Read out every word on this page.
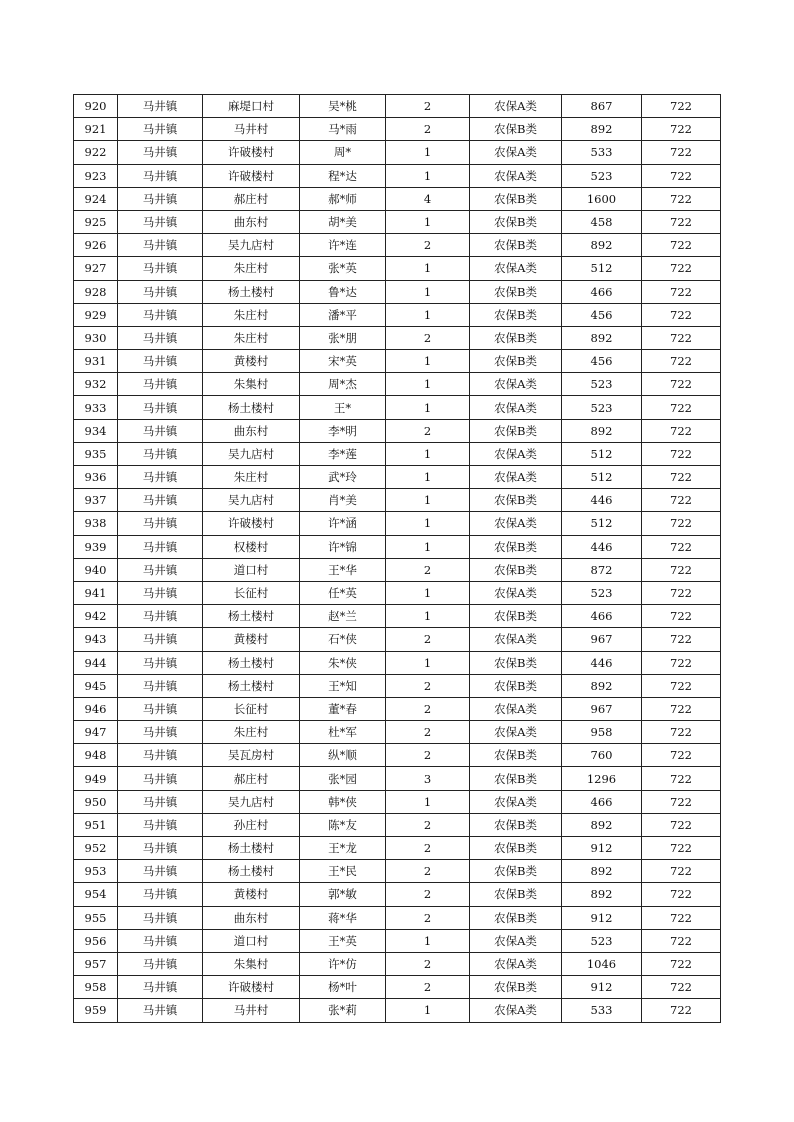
920	马井镇	麻堤口村	吴*桃	2	农保A类	867	722
921	马井镇	马井村	马*雨	2	农保B类	892	722
922	马井镇	许破楼村	周*	1	农保A类	533	722
923	马井镇	许破楼村	程*达	1	农保A类	523	722
924	马井镇	郝庄村	郝*师	4	农保B类	1600	722
925	马井镇	曲东村	胡*美	1	农保B类	458	722
926	马井镇	吴九店村	许*连	2	农保B类	892	722
927	马井镇	朱庄村	张*英	1	农保A类	512	722
928	马井镇	杨土楼村	鲁*达	1	农保B类	466	722
929	马井镇	朱庄村	潘*平	1	农保B类	456	722
930	马井镇	朱庄村	张*朋	2	农保B类	892	722
931	马井镇	黄楼村	宋*英	1	农保B类	456	722
932	马井镇	朱集村	周*杰	1	农保A类	523	722
933	马井镇	杨土楼村	王*	1	农保A类	523	722
934	马井镇	曲东村	李*明	2	农保B类	892	722
935	马井镇	吴九店村	李*莲	1	农保A类	512	722
936	马井镇	朱庄村	武*玲	1	农保A类	512	722
937	马井镇	吴九店村	肖*美	1	农保B类	446	722
938	马井镇	许破楼村	许*涵	1	农保A类	512	722
939	马井镇	权楼村	许*锦	1	农保B类	446	722
940	马井镇	道口村	王*华	2	农保B类	872	722
941	马井镇	长征村	任*英	1	农保A类	523	722
942	马井镇	杨土楼村	赵*兰	1	农保B类	466	722
943	马井镇	黄楼村	石*侠	2	农保A类	967	722
944	马井镇	杨土楼村	朱*侠	1	农保B类	446	722
945	马井镇	杨土楼村	王*知	2	农保B类	892	722
946	马井镇	长征村	董*春	2	农保A类	967	722
947	马井镇	朱庄村	杜*军	2	农保A类	958	722
948	马井镇	吴瓦房村	纵*顺	2	农保B类	760	722
949	马井镇	郝庄村	张*园	3	农保B类	1296	722
950	马井镇	吴九店村	韩*侠	1	农保A类	466	722
951	马井镇	孙庄村	陈*友	2	农保B类	892	722
952	马井镇	杨土楼村	王*龙	2	农保B类	912	722
953	马井镇	杨土楼村	王*民	2	农保B类	892	722
954	马井镇	黄楼村	郭*敏	2	农保B类	892	722
955	马井镇	曲东村	蒋*华	2	农保B类	912	722
956	马井镇	道口村	王*英	1	农保A类	523	722
957	马井镇	朱集村	许*仿	2	农保A类	1046	722
958	马井镇	许破楼村	杨*叶	2	农保B类	912	722
959	马井镇	马井村	张*莉	1	农保A类	533	722
